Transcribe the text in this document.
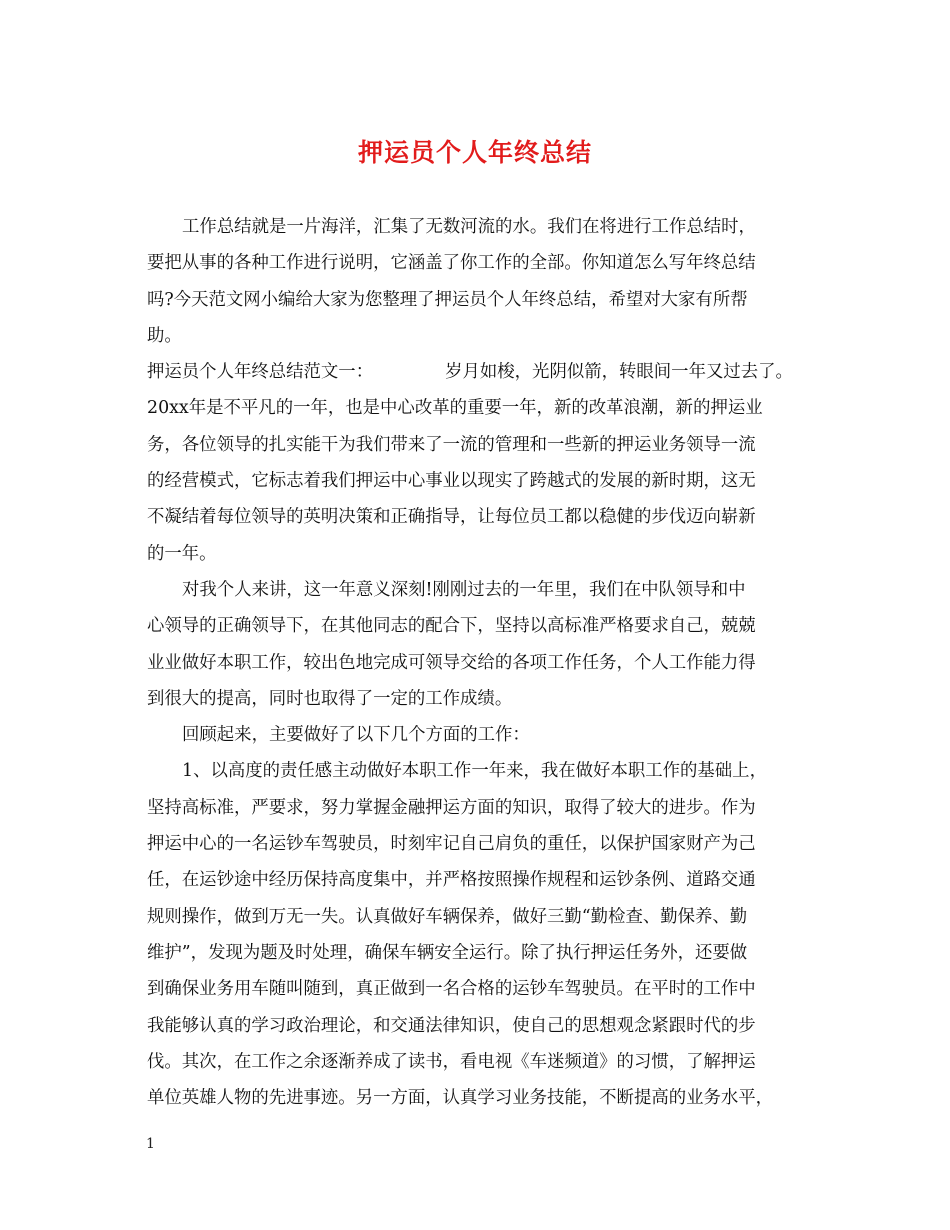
押运员个人年终总结
工作总结就是一片海洋，汇集了无数河流的水。我们在将进行工作总结时，
要把从事的各种工作进行说明，它涵盖了你工作的全部。你知道怎么写年终总结
吗?今天范文网小编给大家为您整理了押运员个人年终总结，希望对大家有所帮
助。
押运员个人年终总结范文一：	岁月如梭，光阴似箭，转眼间一年又过去了。
20xx年是不平凡的一年，也是中心改革的重要一年，新的改革浪潮，新的押运业
务，各位领导的扎实能干为我们带来了一流的管理和一些新的押运业务领导一流
的经营模式，它标志着我们押运中心事业以现实了跨越式的发展的新时期，这无
不凝结着每位领导的英明决策和正确指导，让每位员工都以稳健的步伐迈向崭新
的一年。
对我个人来讲，这一年意义深刻!刚刚过去的一年里，我们在中队领导和中
心领导的正确领导下，在其他同志的配合下，坚持以高标准严格要求自己，兢兢
业业做好本职工作，较出色地完成可领导交给的各项工作任务，个人工作能力得
到很大的提高，同时也取得了一定的工作成绩。
回顾起来，主要做好了以下几个方面的工作：
1、以高度的责任感主动做好本职工作一年来，我在做好本职工作的基础上，
坚持高标准，严要求，努力掌握金融押运方面的知识，取得了较大的进步。作为
押运中心的一名运钞车驾驶员，时刻牢记自己肩负的重任，以保护国家财产为己
任，在运钞途中经历保持高度集中，并严格按照操作规程和运钞条例、道路交通
规则操作，做到万无一失。认真做好车辆保养，做好三勤“勤检查、勤保养、勤
维护”，发现为题及时处理，确保车辆安全运行。除了执行押运任务外，还要做
到确保业务用车随叫随到，真正做到一名合格的运钞车驾驶员。在平时的工作中
我能够认真的学习政治理论，和交通法律知识，使自己的思想观念紧跟时代的步
伐。其次，在工作之余逐渐养成了读书，看电视《车迷频道》的习惯，了解押运
单位英雄人物的先进事迹。另一方面，认真学习业务技能，不断提高的业务水平，
1
